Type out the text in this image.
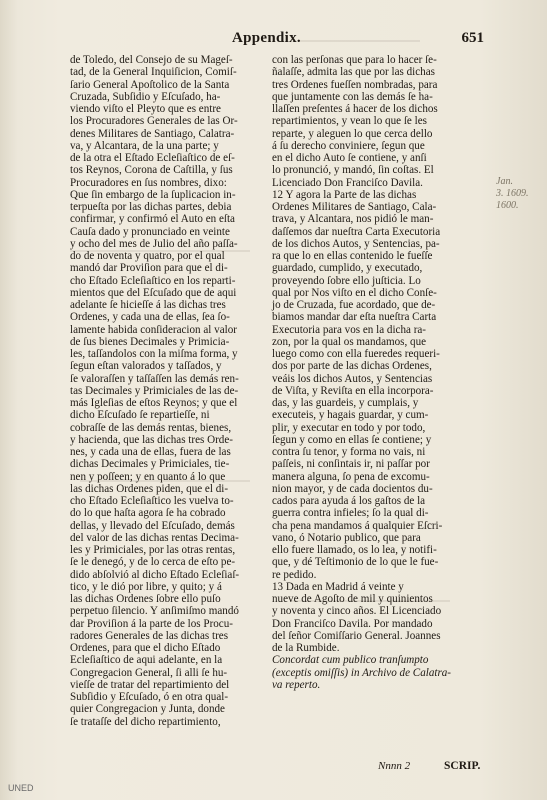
Appendix.	651
de Toledo, del Consejo de su Mageſ-
tad, de la General Inquiſicion, Comiſ-
ſario General Apoſtolico de la Santa
Cruzada, Subſidio y Eſcuſado, ha-
viendo viſto el Pleyto que es entre
los Procuradores Generales de las Or-
denes Militares de Santiago, Calatra-
va, y Alcantara, de la una parte; y
de la otra el Eſtado Ecleſiaſtico de eſ-
tos Reynos, Corona de Caſtilla, y ſus
Procuradores en ſus nombres, dixo:
Que ſin embargo de la ſuplicacion in-
terpueſta por las dichas partes, debia
confirmar, y confirmó el Auto en eſta
Cauſa dado y pronunciado en veinte
y ocho del mes de Julio del año paſſa-
do de noventa y quatro, por el qual
mandó dar Proviſion para que el di-
cho Eſtado Ecleſiaſtico en los reparti-
mientos que del Eſcuſado que de aqui
adelante ſe hicieſſe á las dichas tres
Ordenes, y cada una de ellas, ſea ſo-
lamente habida conſideracion al valor
de ſus bienes Decimales y Primicia-
les, taſſandolos con la miſma forma, y
ſegun eſtan valorados y taſſados, y
ſe valoraſſen y taſſaſſen las demás ren-
tas Decimales y Primiciales de las de-
más Igleſias de eſtos Reynos; y que el
dicho Eſcuſado ſe repartieſſe, ni
cobraſſe de las demás rentas, bienes,
y hacienda, que las dichas tres Orde-
nes, y cada una de ellas, fuera de las
dichas Decimales y Primiciales, tie-
nen y poſſeen; y en quanto á lo que
las dichas Ordenes piden, que el di-
cho Eſtado Ecleſiaſtico les vuelva to-
do lo que haſta agora ſe ha cobrado
dellas, y llevado del Eſcuſado, demás
del valor de las dichas rentas Decima-
les y Primiciales, por las otras rentas,
ſe le denegó, y de lo cerca de eſto pe-
dido abſolvió al dicho Eſtado Ecleſiaſ-
tico, y le dió por libre, y quito; y á
las dichas Ordenes ſobre ello puſo
perpetuo ſilencio. Y anſimiſmo mandó
dar Proviſion á la parte de los Procu-
radores Generales de las dichas tres
Ordenes, para que el dicho Eſtado
Ecleſiaſtico de aqui adelante, en la
Congregacion General, ſi alli ſe hu-
vieſſe de tratar del repartimiento del
Subſidio y Eſcuſado, ó en otra qual-
quier Congregacion y Junta, donde
ſe trataſſe del dicho repartimiento,
con las perſonas que para lo hacer ſe-
ñalaſſe, admita las que por las dichas
tres Ordenes fueſſen nombradas, para
que juntamente con las demás ſe ha-
llaſſen preſentes á hacer de los dichos
repartimientos, y vean lo que ſe les
reparte, y aleguen lo que cerca dello
á ſu derecho conviniere, ſegun que
en el dicho Auto ſe contiene, y anſi
lo pronunció, y mandó, ſin coſtas. El
Licenciado Don Franciſco Davila.
12 Y agora la Parte de las dichas
Ordenes Militares de Santiago, Cala-
trava, y Alcantara, nos pidió le man-
daſſemos dar nueſtra Carta Executoria
de los dichos Autos, y Sentencias, pa-
ra que lo en ellas contenido le fueſſe
guardado, cumplido, y executado,
proveyendo ſobre ello juſticia. Lo
qual por Nos viſto en el dicho Conſe-
jo de Cruzada, fue acordado, que de-
biamos mandar dar eſta nueſtra Carta
Executoria para vos en la dicha ra-
zon, por la qual os mandamos, que
luego como con ella fueredes requeri-
dos por parte de las dichas Ordenes,
veáis los dichos Autos, y Sentencias
de Viſta, y Reviſta en ella incorpora-
das, y las guardeis, y cumplais, y
executeis, y hagais guardar, y cum-
plir, y executar en todo y por todo,
ſegun y como en ellas ſe contiene; y
contra ſu tenor, y forma no vais, ni
paſſeis, ni conſintais ir, ni paſſar por
manera alguna, ſo pena de excomu-
nion mayor, y de cada docientos du-
cados para ayuda á los gaſtos de la
guerra contra infieles; ſo la qual di-
cha pena mandamos á qualquier Eſcri-
vano, ó Notario publico, que para
ello fuere llamado, os lo lea, y notifi-
que, y dé Teſtimonio de lo que le fue-
re pedido.
13 Dada en Madrid á veinte y
nueve de Agoſto de mil y quinientos
y noventa y cinco años. El Licenciado
Don Franciſco Davila. Por mandado
del ſeñor Comiſſario General. Joannes
de la Rumbide.
Concordat cum publico tranſumpto
(exceptis omiſſis) in Archivo de Calatra-
va reperto.
Jan.
3. 1609.
1600.
Nnnn 2	SCRIP.
UNED
